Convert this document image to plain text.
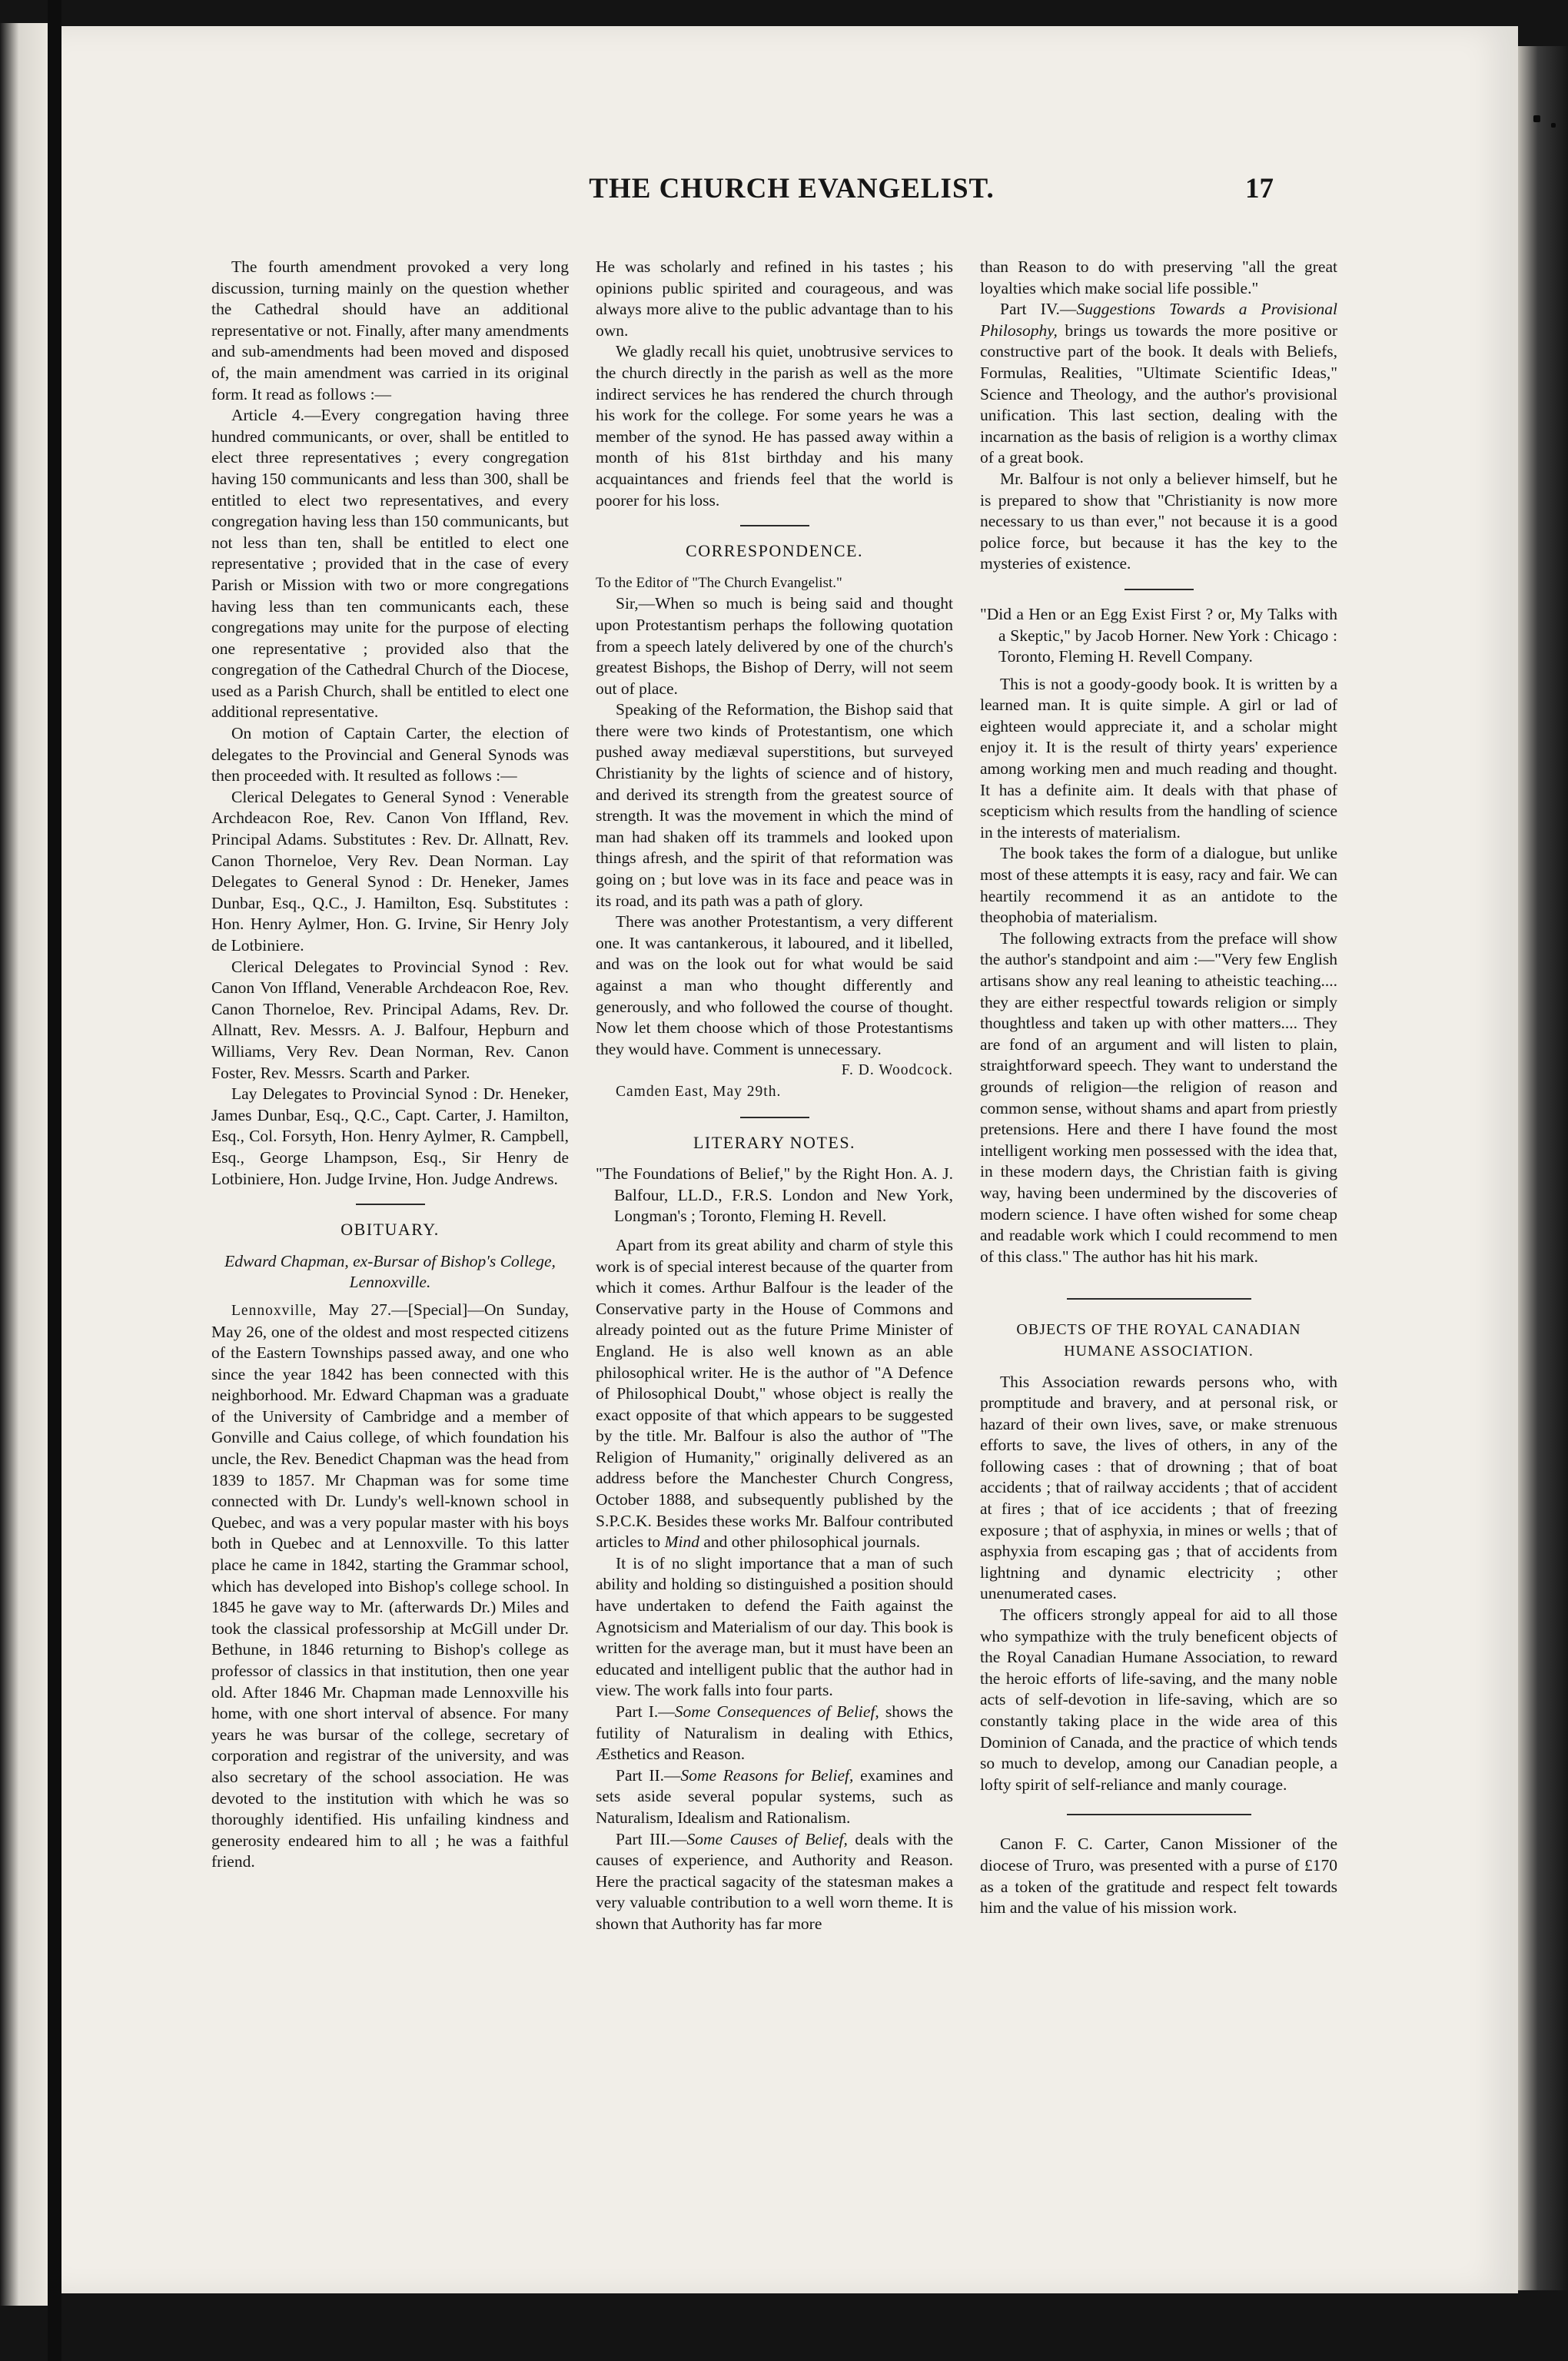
THE CHURCH EVANGELIST.	17

The fourth amendment provoked a very long discussion, turning mainly on the question whether the Cathedral should have an additional representative or not. Finally, after many amendments and sub-amendments had been moved and disposed of, the main amendment was carried in its original form. It read as follows :—

Article 4.—Every congregation having three hundred communicants, or over, shall be entitled to elect three representatives ; every congregation having 150 communicants and less than 300, shall be entitled to elect two representatives, and every congregation having less than 150 communicants, but not less than ten, shall be entitled to elect one representative ; provided that in the case of every Parish or Mission with two or more congregations having less than ten communicants each, these congregations may unite for the purpose of electing one representative ; provided also that the congregation of the Cathedral Church of the Diocese, used as a Parish Church, shall be entitled to elect one additional representative.

On motion of Captain Carter, the election of delegates to the Provincial and General Synods was then proceeded with. It resulted as follows :—

Clerical Delegates to General Synod : Venerable Archdeacon Roe, Rev. Canon Von Iffland, Rev. Principal Adams. Substitutes : Rev. Dr. Allnatt, Rev. Canon Thorneloe, Very Rev. Dean Norman. Lay Delegates to General Synod : Dr. Heneker, James Dunbar, Esq., Q.C., J. Hamilton, Esq. Substitutes : Hon. Henry Aylmer, Hon. G. Irvine, Sir Henry Joly de Lotbiniere.

Clerical Delegates to Provincial Synod : Rev. Canon Von Iffland, Venerable Archdeacon Roe, Rev. Canon Thorneloe, Rev. Principal Adams, Rev. Dr. Allnatt, Rev. Messrs. A. J. Balfour, Hepburn and Williams, Very Rev. Dean Norman, Rev. Canon Foster, Rev. Messrs. Scarth and Parker.

Lay Delegates to Provincial Synod : Dr. Heneker, James Dunbar, Esq., Q.C., Capt. Carter, J. Hamilton, Esq., Col. Forsyth, Hon. Henry Aylmer, R. Campbell, Esq., George Lhampson, Esq., Sir Henry de Lotbiniere, Hon. Judge Irvine, Hon. Judge Andrews.

OBITUARY.
Edward Chapman, ex-Bursar of Bishop's College, Lennoxville.

Lennoxville, May 27.—[Special]—On Sunday, May 26, one of the oldest and most respected citizens of the Eastern Townships passed away, and one who since the year 1842 has been connected with this neighborhood. Mr. Edward Chapman was a graduate of the University of Cambridge and a member of Gonville and Caius college, of which foundation his uncle, the Rev. Benedict Chapman was the head from 1839 to 1857. Mr Chapman was for some time connected with Dr. Lundy's well-known school in Quebec, and was a very popular master with his boys both in Quebec and at Lennoxville. To this latter place he came in 1842, starting the Grammar school, which has developed into Bishop's college school. In 1845 he gave way to Mr. (afterwards Dr.) Miles and took the classical professorship at McGill under Dr. Bethune, in 1846 returning to Bishop's college as professor of classics in that institution, then one year old. After 1846 Mr. Chapman made Lennoxville his home, with one short interval of absence. For many years he was bursar of the college, secretary of corporation and registrar of the university, and was also secretary of the school association. He was devoted to the institution with which he was so thoroughly identified. His unfailing kindness and generosity endeared him to all ; he was a faithful friend.

He was scholarly and refined in his tastes ; his opinions public spirited and courageous, and was always more alive to the public advantage than to his own.

We gladly recall his quiet, unobtrusive services to the church directly in the parish as well as the more indirect services he has rendered the church through his work for the college. For some years he was a member of the synod. He has passed away within a month of his 81st birthday and his many acquaintances and friends feel that the world is poorer for his loss.

CORRESPONDENCE.

To the Editor of "The Church Evangelist."

Sir,—When so much is being said and thought upon Protestantism perhaps the following quotation from a speech lately delivered by one of the church's greatest Bishops, the Bishop of Derry, will not seem out of place.

Speaking of the Reformation, the Bishop said that there were two kinds of Protestantism, one which pushed away mediæval superstitions, but surveyed Christianity by the lights of science and of history, and derived its strength from the greatest source of strength. It was the movement in which the mind of man had shaken off its trammels and looked upon things afresh, and the spirit of that reformation was going on ; but love was in its face and peace was in its road, and its path was a path of glory.

There was another Protestantism, a very different one. It was cantankerous, it laboured, and it libelled, and was on the look out for what would be said against a man who thought differently and generously, and who followed the course of thought. Now let them choose which of those Protestantisms they would have. Comment is unnecessary.

F. D. Woodcock.

Camden East, May 29th.

LITERARY NOTES.

"The Foundations of Belief," by the Right Hon. A. J. Balfour, LL.D., F.R.S. London and New York, Longman's ; Toronto, Fleming H. Revell.

Apart from its great ability and charm of style this work is of special interest because of the quarter from which it comes. Arthur Balfour is the leader of the Conservative party in the House of Commons and already pointed out as the future Prime Minister of England. He is also well known as an able philosophical writer. He is the author of "A Defence of Philosophical Doubt," whose object is really the exact opposite of that which appears to be suggested by the title. Mr. Balfour is also the author of "The Religion of Humanity," originally delivered as an address before the Manchester Church Congress, October 1888, and subsequently published by the S.P.C.K. Besides these works Mr. Balfour contributed articles to Mind and other philosophical journals.

It is of no slight importance that a man of such ability and holding so distinguished a position should have undertaken to defend the Faith against the Agnotsicism and Materialism of our day. This book is written for the average man, but it must have been an educated and intelligent public that the author had in view. The work falls into four parts.

Part I.—Some Consequences of Belief, shows the futility of Naturalism in dealing with Ethics, Æsthetics and Reason.

Part II.—Some Reasons for Belief, examines and sets aside several popular systems, such as Naturalism, Idealism and Rationalism.

Part III.—Some Causes of Belief, deals with the causes of experience, and Authority and Reason. Here the practical sagacity of the statesman makes a very valuable contribution to a well worn theme. It is shown that Authority has far more

than Reason to do with preserving "all the great loyalties which make social life possible."

Part IV.—Suggestions Towards a Provisional Philosophy, brings us towards the more positive or constructive part of the book. It deals with Beliefs, Formulas, Realities, "Ultimate Scientific Ideas," Science and Theology, and the author's provisional unification. This last section, dealing with the incarnation as the basis of religion is a worthy climax of a great book.

Mr. Balfour is not only a believer himself, but he is prepared to show that "Christianity is now more necessary to us than ever," not because it is a good police force, but because it has the key to the mysteries of existence.

"Did a Hen or an Egg Exist First ? or, My Talks with a Skeptic," by Jacob Horner. New York : Chicago : Toronto, Fleming H. Revell Company.

This is not a goody-goody book. It is written by a learned man. It is quite simple. A girl or lad of eighteen would appreciate it, and a scholar might enjoy it. It is the result of thirty years' experience among working men and much reading and thought. It has a definite aim. It deals with that phase of scepticism which results from the handling of science in the interests of materialism.

The book takes the form of a dialogue, but unlike most of these attempts it is easy, racy and fair. We can heartily recommend it as an antidote to the theophobia of materialism.

The following extracts from the preface will show the author's standpoint and aim :—"Very few English artisans show any real leaning to atheistic teaching.... they are either respectful towards religion or simply thoughtless and taken up with other matters.... They are fond of an argument and will listen to plain, straightforward speech. They want to understand the grounds of religion—the religion of reason and common sense, without shams and apart from priestly pretensions. Here and there I have found the most intelligent working men possessed with the idea that, in these modern days, the Christian faith is giving way, having been undermined by the discoveries of modern science. I have often wished for some cheap and readable work which I could recommend to men of this class." The author has hit his mark.

OBJECTS OF THE ROYAL CANADIAN HUMANE ASSOCIATION.

This Association rewards persons who, with promptitude and bravery, and at personal risk, or hazard of their own lives, save, or make strenuous efforts to save, the lives of others, in any of the following cases : that of drowning ; that of boat accidents ; that of railway accidents ; that of accident at fires ; that of ice accidents ; that of freezing exposure ; that of asphyxia, in mines or wells ; that of asphyxia from escaping gas ; that of accidents from lightning and dynamic electricity ; other unenumerated cases.

The officers strongly appeal for aid to all those who sympathize with the truly beneficent objects of the Royal Canadian Humane Association, to reward the heroic efforts of life-saving, and the many noble acts of self-devotion in life-saving, which are so constantly taking place in the wide area of this Dominion of Canada, and the practice of which tends so much to develop, among our Canadian people, a lofty spirit of self-reliance and manly courage.

Canon F. C. Carter, Canon Missioner of the diocese of Truro, was presented with a purse of £170 as a token of the gratitude and respect felt towards him and the value of his mission work.
